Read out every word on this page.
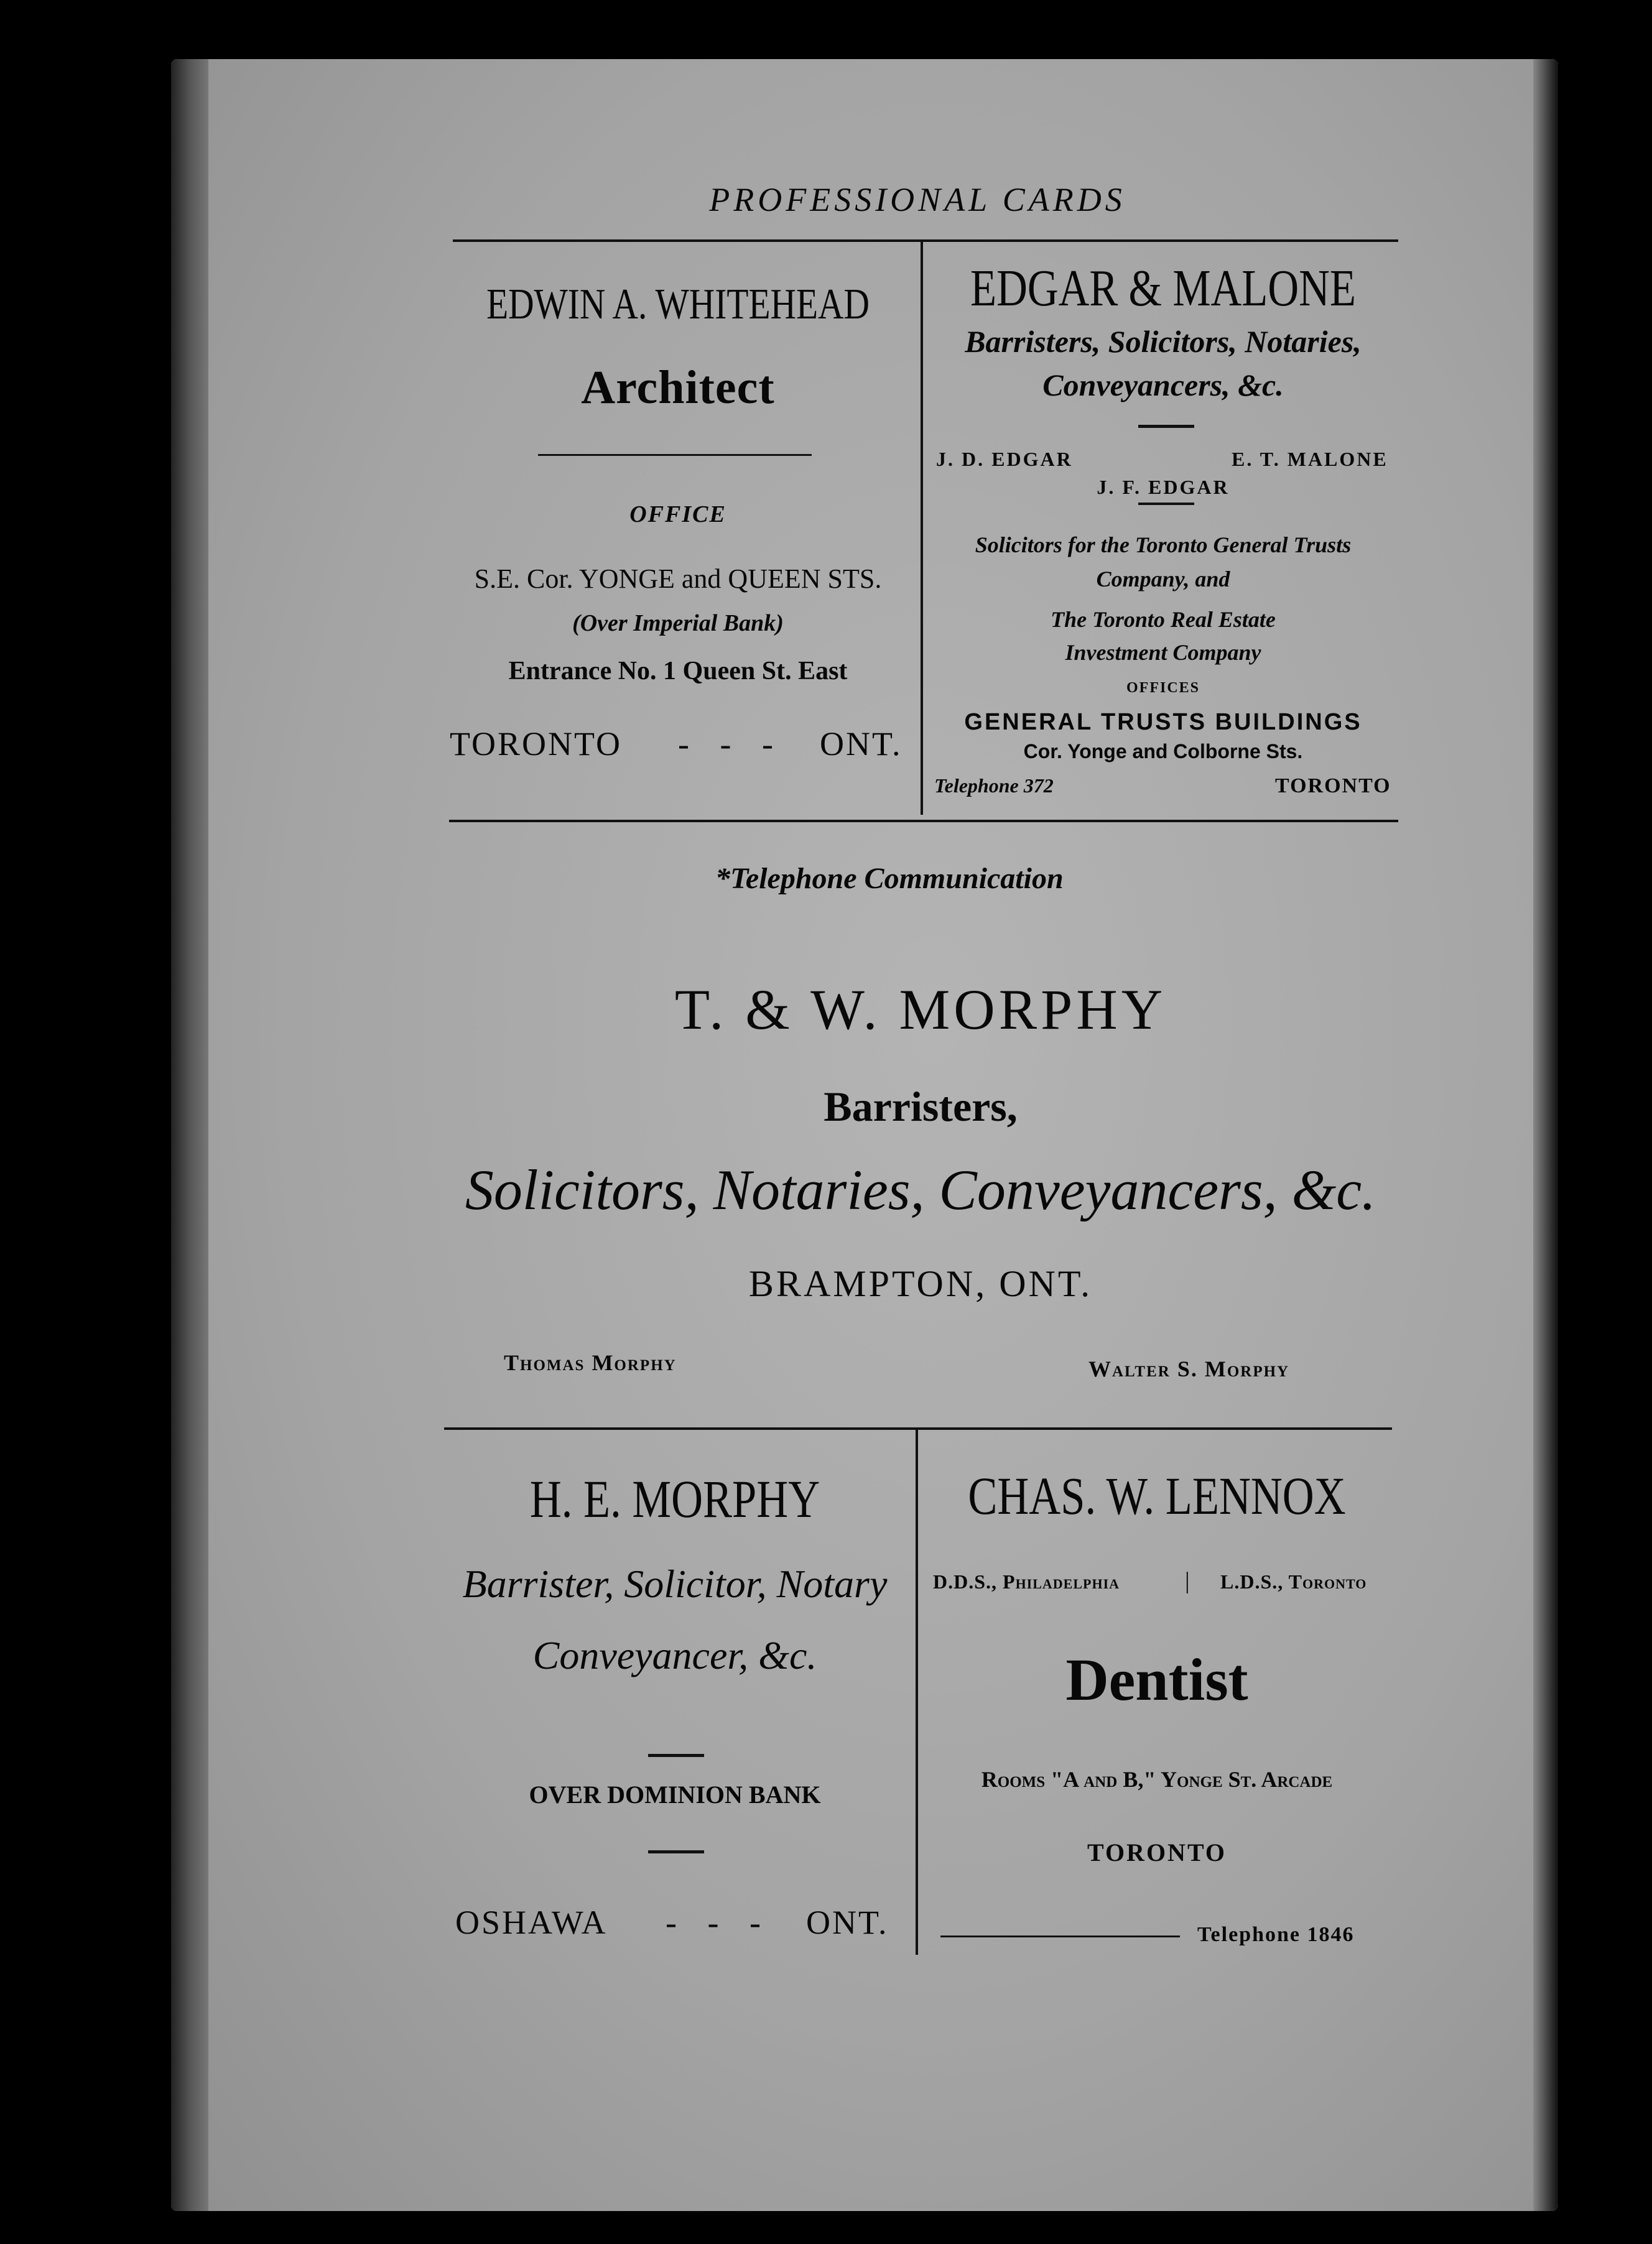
PROFESSIONAL CARDS
EDWIN A. WHITEHEAD
Architect
OFFICE
S.E. Cor. YONGE and QUEEN STS.
(Over Imperial Bank)
Entrance No. 1 Queen St. East
TORONTO - - - ONT.
EDGAR & MALONE
Barristers, Solicitors, Notaries,
Conveyancers, &c.
J. D. EDGAR	E. T. MALONE
J. F. EDGAR
Solicitors for the Toronto General Trusts
Company, and
The Toronto Real Estate
Investment Company
OFFICES
GENERAL TRUSTS BUILDINGS
Cor. Yonge and Colborne Sts.
Telephone 372	TORONTO
*Telephone Communication
T. & W. MORPHY
Barristers,
Solicitors, Notaries, Conveyancers, &c.
BRAMPTON, ONT.
Thomas Morphy	Walter S. Morphy
H. E. MORPHY
Barrister, Solicitor, Notary
Conveyancer, &c.
OVER DOMINION BANK
OSHAWA - - - ONT.
CHAS. W. LENNOX
D.D.S., Philadelphia	| L.D.S., Toronto
Dentist
Rooms "A and B," Yonge St. Arcade
TORONTO
Telephone 1846
